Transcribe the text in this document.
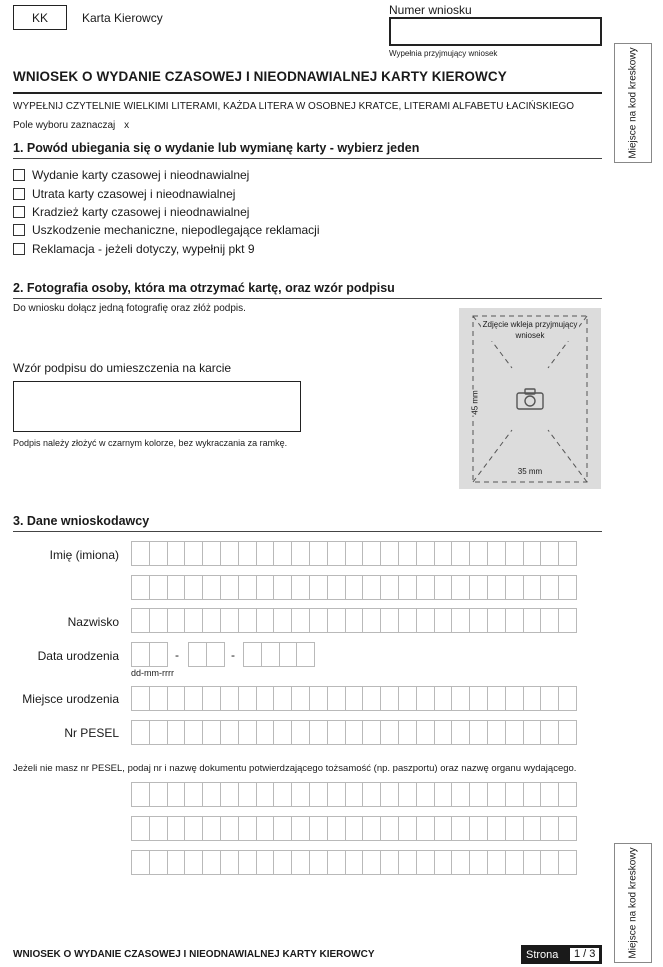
KK	Karta Kierowcy
Numer wniosku
Wypełnia przyjmujący wniosek	Miejsce na kod kreskowy
WNIOSEK O WYDANIE CZASOWEJ I NIEODNAWIALNEJ KARTY KIEROWCY
WYPEŁNIJ CZYTELNIE WIELKIMI LITERAMI, KAŻDA LITERA W OSOBNEJ KRATCE, LITERAMI ALFABETU ŁACIŃSKIEGO
Pole wyboru zaznaczaj x
1. Powód ubiegania się o wydanie lub wymianę karty - wybierz jeden
Wydanie karty czasowej i nieodnawialnej
Utrata karty czasowej i nieodnawialnej
Kradzież karty czasowej i nieodnawialnej
Uszkodzenie mechaniczne, niepodlegające reklamacji
Reklamacja - jeżeli dotyczy, wypełnij pkt 9
2. Fotografia osoby, która ma otrzymać kartę, oraz wzór podpisu
Do wniosku dołącz jedną fotografię oraz złóż podpis.
Wzór podpisu do umieszczenia na karcie
Podpis należy złożyć w czarnym kolorze, bez wykraczania za ramkę.
Zdjęcie wkleja przyjmujący wniosek
45 mm
35 mm
3. Dane wnioskodawcy
Imię (imiona)
Nazwisko
Data urodzenia	-	-
dd-mm-rrrr
Miejsce urodzenia
Nr PESEL
Jeżeli nie masz nr PESEL, podaj nr i nazwę dokumentu potwierdzającego tożsamość (np. paszportu) oraz nazwę organu wydającego.
Miejsce na kod kreskowy
WNIOSEK O WYDANIE CZASOWEJ I NIEODNAWIALNEJ KARTY KIEROWCY	Strona	1 / 3
